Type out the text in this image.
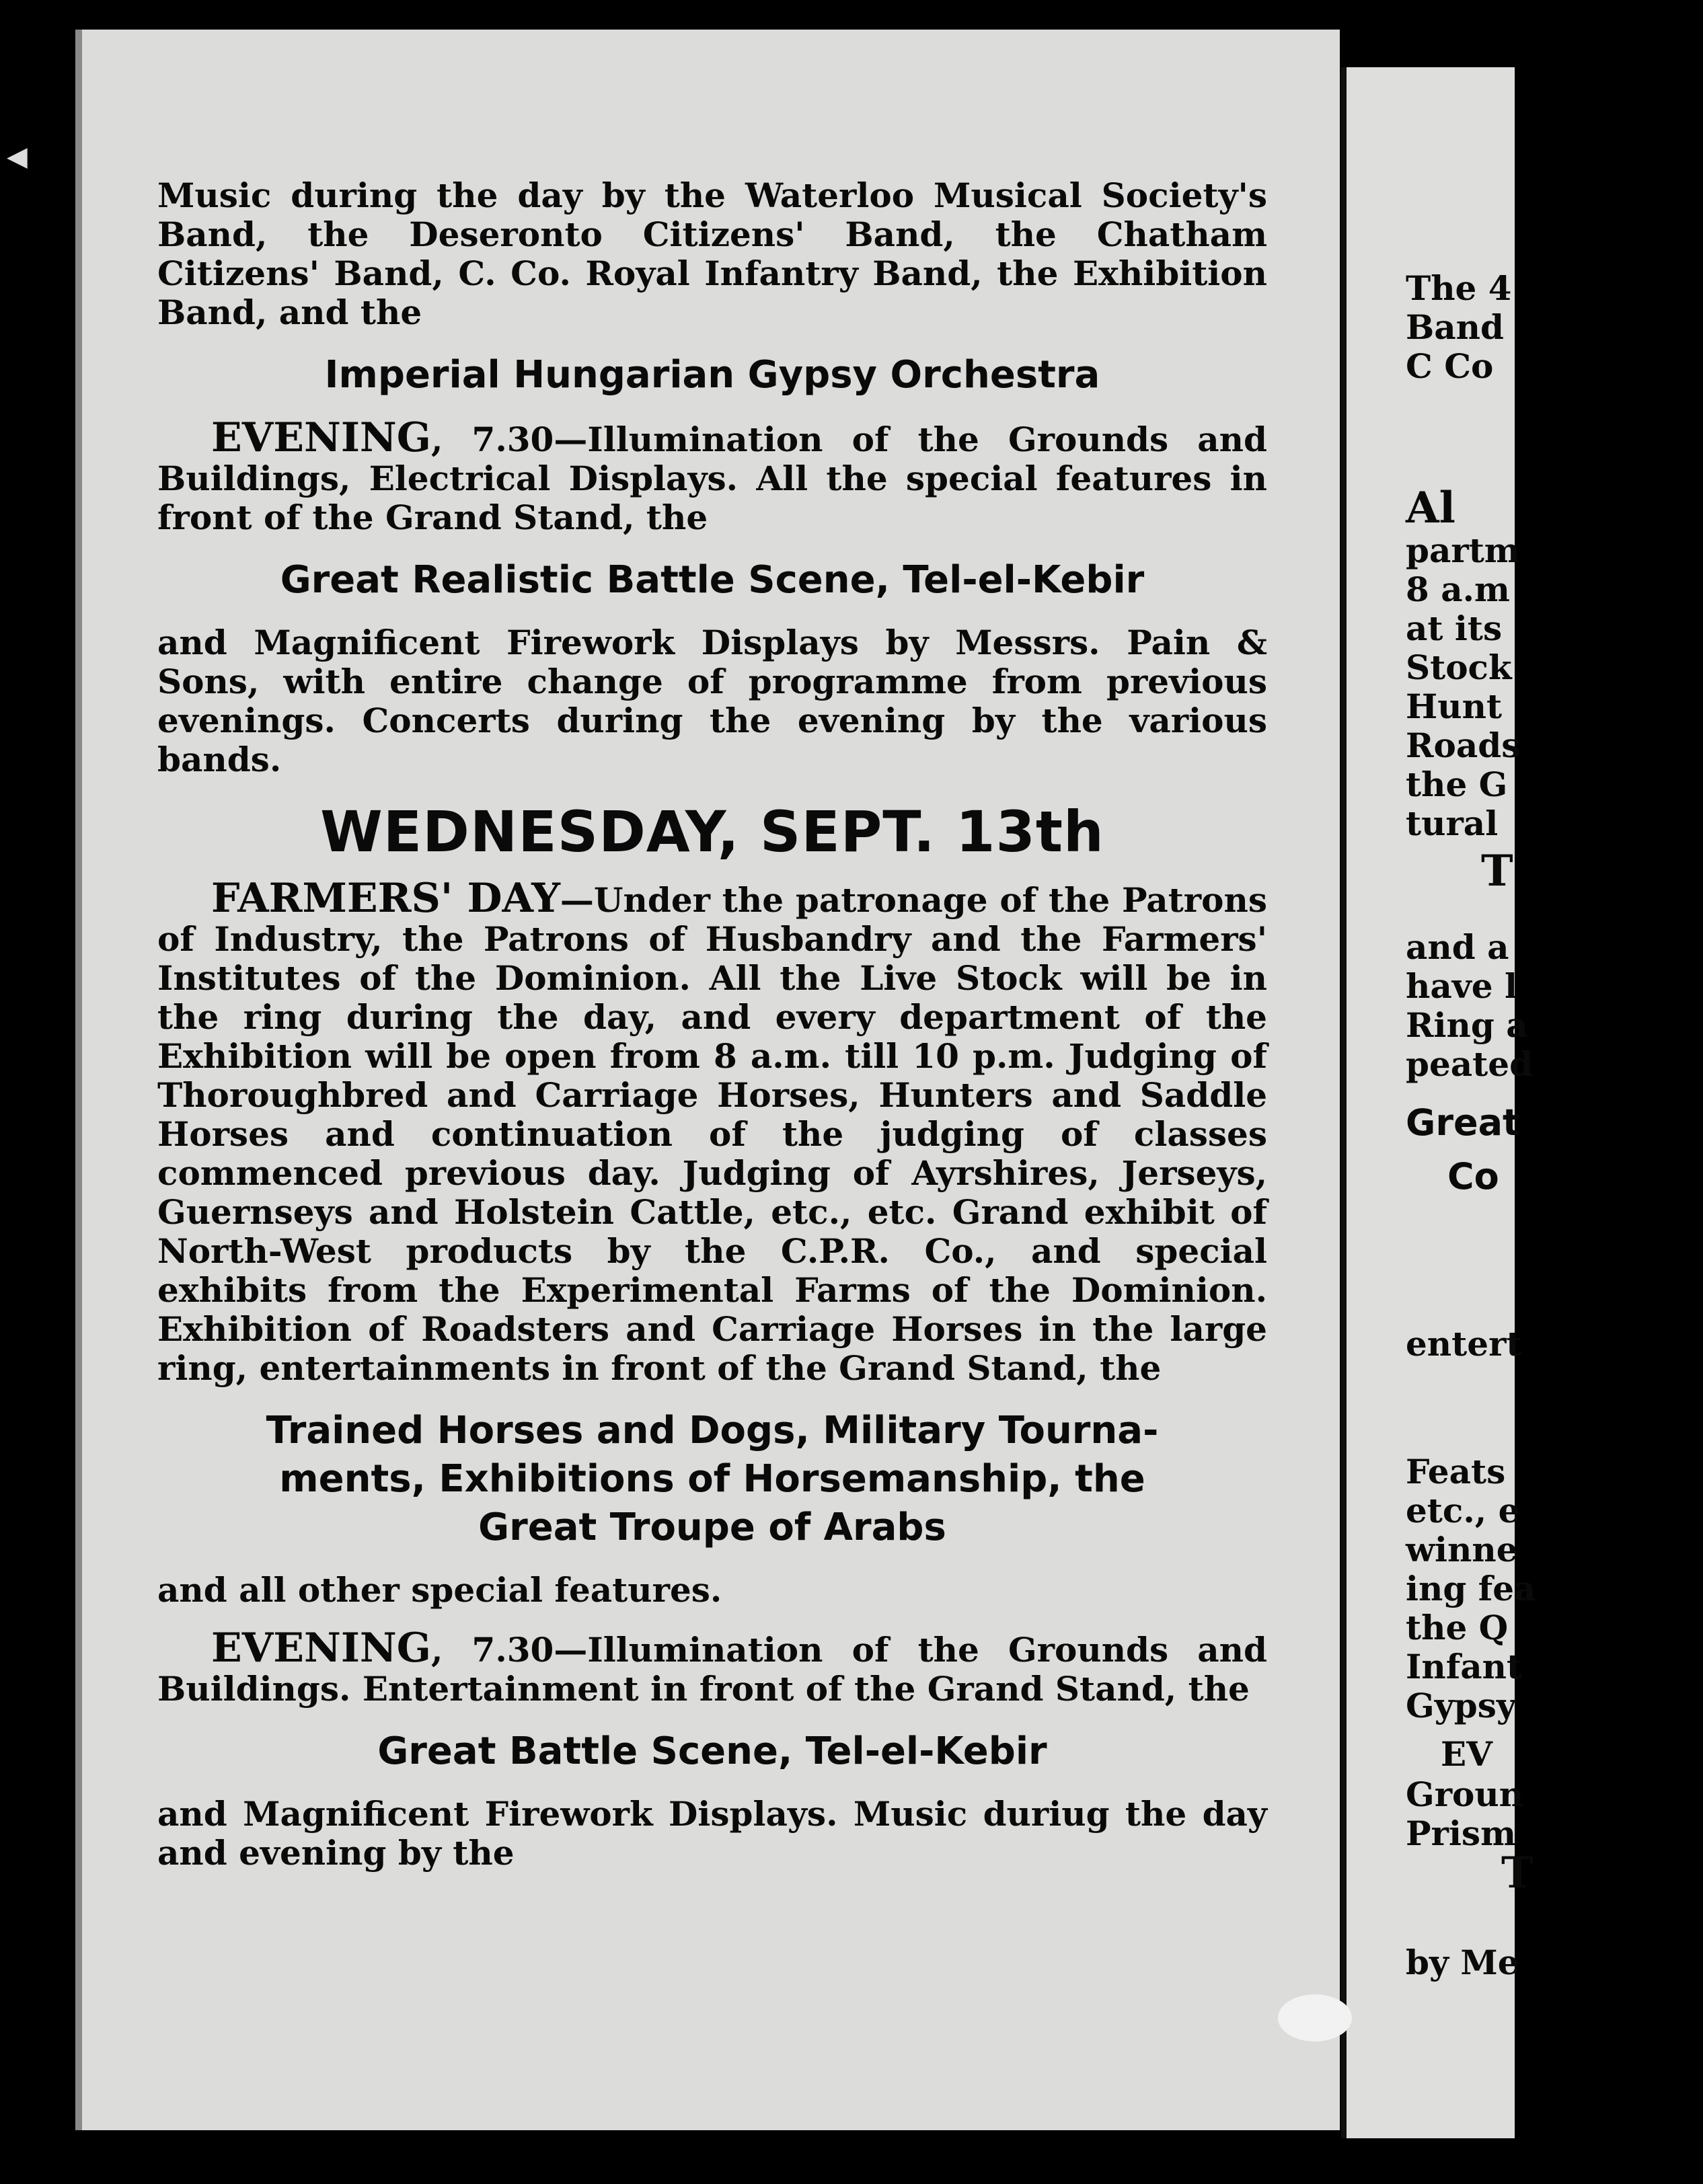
The 4
Band
C Co
Al
partm
8 a.m
at its
Stock
Hunt
Roads
the G
tural
T
and a
have l
Ring a
peated
Great
Co
entert
Feats
etc., e
winne
ing fea
the Q
Infant
Gypsy
EV
Groun
Prism
T
by Me

Music during the day by the Waterloo Musical Society's Band, the Deseronto Citizens' Band, the Chatham Citizens' Band, C. Co. Royal Infantry Band, the Exhibition Band, and the

Imperial Hungarian Gypsy Orchestra

EVENING, 7.30—Illumination of the Grounds and Buildings, Electrical Displays. All the special features in front of the Grand Stand, the

Great Realistic Battle Scene, Tel-el-Kebir

and Magnificent Firework Displays by Messrs. Pain & Sons, with entire change of programme from previous evenings. Concerts during the evening by the various bands.

WEDNESDAY, SEPT. 13th

FARMERS' DAY—Under the patronage of the Patrons of Industry, the Patrons of Husbandry and the Farmers' Institutes of the Dominion. All the Live Stock will be in the ring during the day, and every department of the Exhibition will be open from 8 a.m. till 10 p.m. Judging of Thoroughbred and Carriage Horses, Hunters and Saddle Horses and continuation of the judging of classes commenced previous day. Judging of Ayrshires, Jerseys, Guernseys and Holstein Cattle, etc., etc. Grand exhibit of North-West products by the C.P.R. Co., and special exhibits from the Experimental Farms of the Dominion. Exhibition of Roadsters and Carriage Horses in the large ring, entertainments in front of the Grand Stand, the

Trained Horses and Dogs, Military Tourna-
ments, Exhibitions of Horsemanship, the
Great Troupe of Arabs

and all other special features.

EVENING, 7.30—Illumination of the Grounds and Buildings. Entertainment in front of the Grand Stand, the

Great Battle Scene, Tel-el-Kebir

and Magnificent Firework Displays. Music duriug the day and evening by the

◀
